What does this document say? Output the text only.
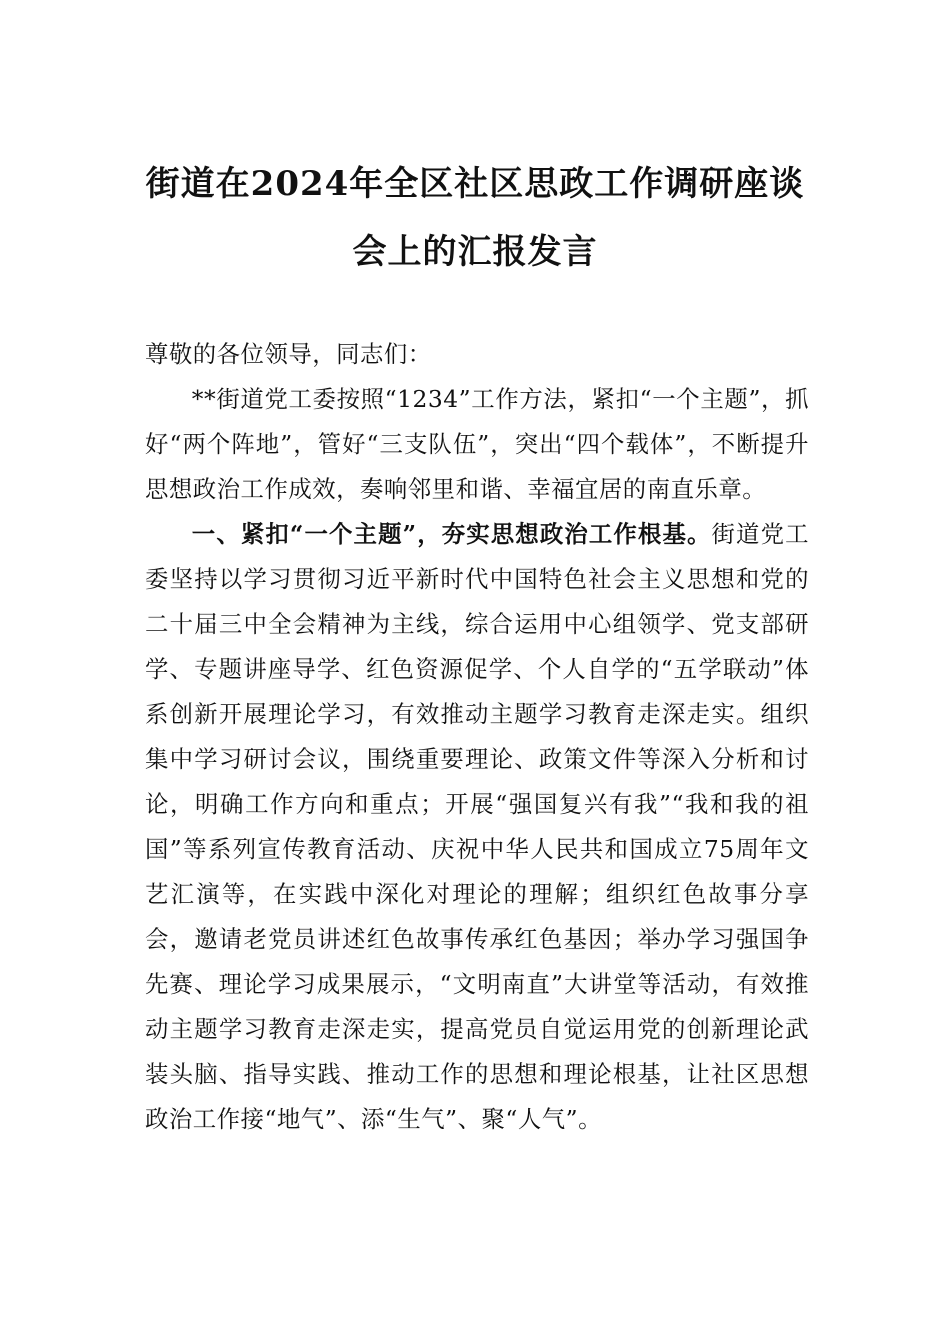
街道在2024年全区社区思政工作调研座谈
会上的汇报发言

尊敬的各位领导，同志们：

**街道党工委按照“1234”工作方法，紧扣“一个主题”，抓好“两个阵地”，管好“三支队伍”，突出“四个载体”，不断提升思想政治工作成效，奏响邻里和谐、幸福宜居的南直乐章。

一、紧扣“一个主题”，夯实思想政治工作根基。街道党工委坚持以学习贯彻习近平新时代中国特色社会主义思想和党的二十届三中全会精神为主线，综合运用中心组领学、党支部研学、专题讲座导学、红色资源促学、个人自学的“五学联动”体系创新开展理论学习，有效推动主题学习教育走深走实。组织集中学习研讨会议，围绕重要理论、政策文件等深入分析和讨论，明确工作方向和重点；开展“强国复兴有我”“我和我的祖国”等系列宣传教育活动、庆祝中华人民共和国成立75周年文艺汇演等，在实践中深化对理论的理解；组织红色故事分享会，邀请老党员讲述红色故事传承红色基因；举办学习强国争先赛、理论学习成果展示，“文明南直”大讲堂等活动，有效推动主题学习教育走深走实，提高党员自觉运用党的创新理论武装头脑、指导实践、推动工作的思想和理论根基，让社区思想政治工作接“地气”、添“生气”、聚“人气”。
